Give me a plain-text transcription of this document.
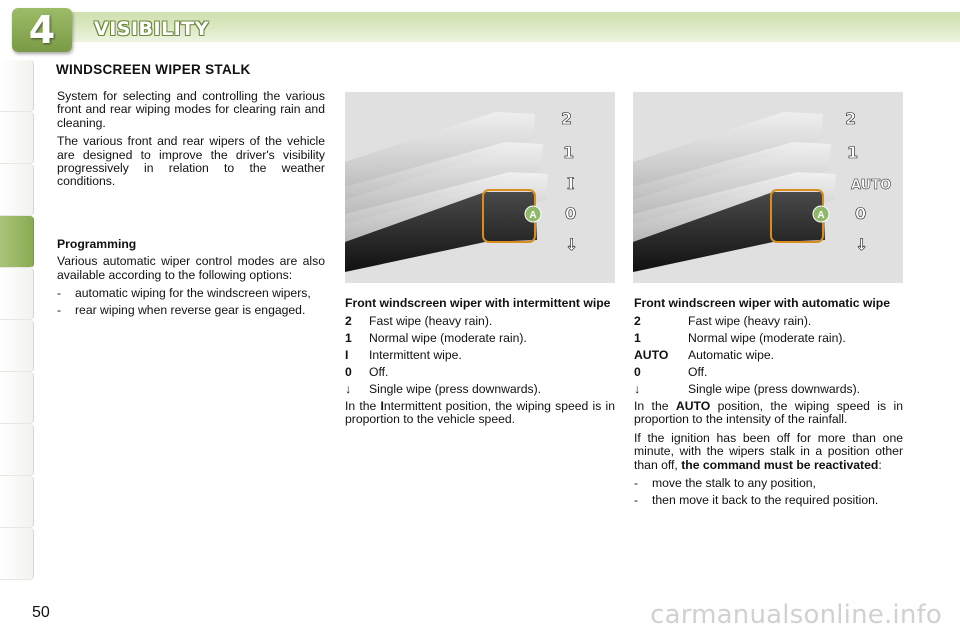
4	VISIBILITY
WINDSCREEN WIPER STALK

System for selecting and controlling the various front and rear wiping modes for clearing rain and cleaning.

The various front and rear wipers of the vehicle are designed to improve the driver's visibility progressively in relation to the weather conditions.

Programming

Various automatic wiper control modes are also available according to the following options:

-	automatic wiping for the windscreen wipers,
-	rear wiping when reverse gear is engaged.
A
2
1
I
0
↓
A
2
1
AUTO
0
↓

Front windscreen wiper with intermittent wipe

2	Fast wipe (heavy rain).
1	Normal wipe (moderate rain).
I	Intermittent wipe.
0	Off.
↓	Single wipe (press downwards).

In the Intermittent position, the wiping speed is in proportion to the vehicle speed.

Front windscreen wiper with automatic wipe

2	Fast wipe (heavy rain).
1	Normal wipe (moderate rain).
AUTO	Automatic wipe.
0	Off.
↓	Single wipe (press downwards).

In the AUTO position, the wiping speed is in proportion to the intensity of the rainfall.

If the ignition has been off for more than one minute, with the wipers stalk in a position other than off, the command must be reactivated:

-	move the stalk to any position,
-	then move it back to the required position.
50	carmanualsonline.info
